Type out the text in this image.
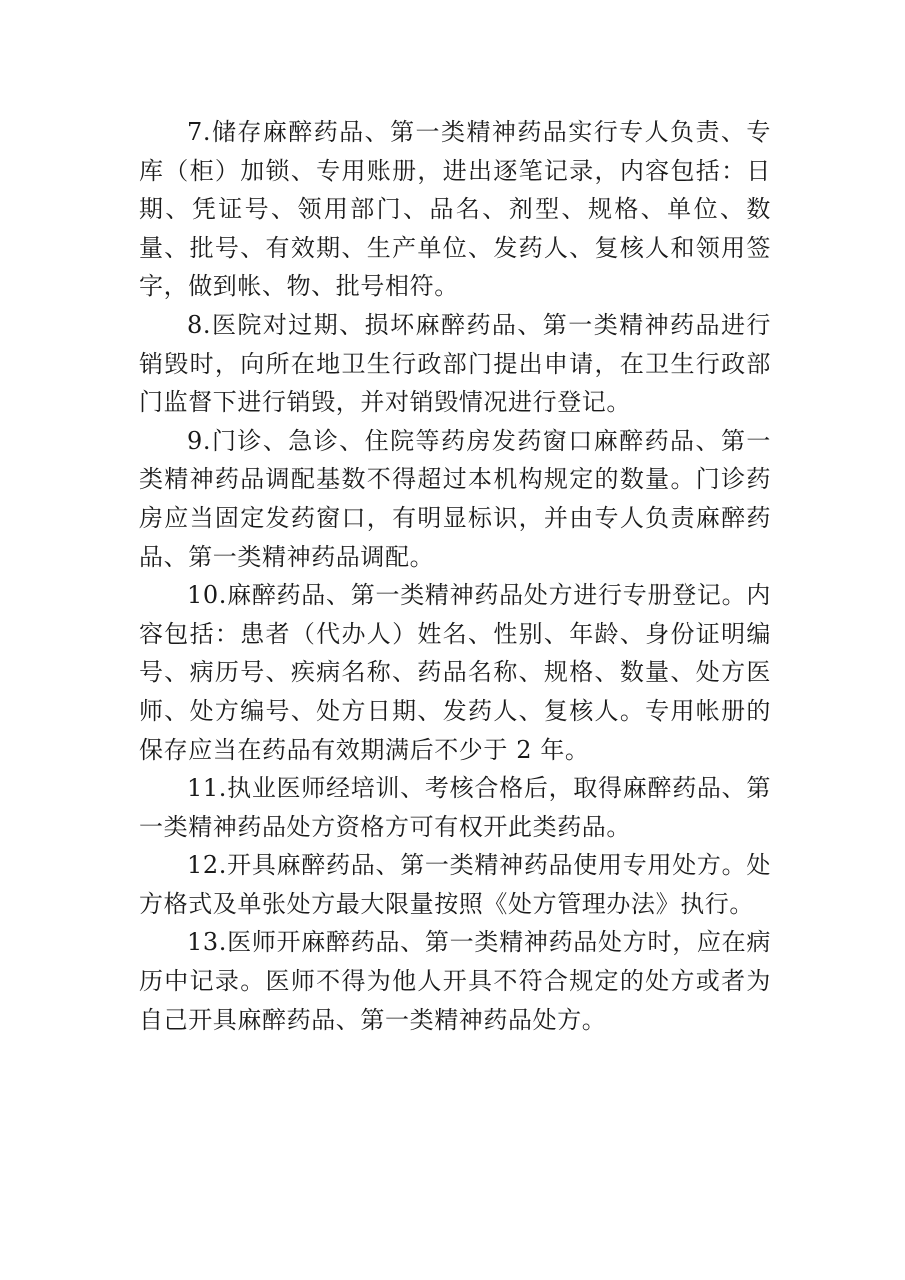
7.储存麻醉药品、第一类精神药品实行专人负责、专库（柜）加锁、专用账册，进出逐笔记录，内容包括：日期、凭证号、领用部门、品名、剂型、规格、单位、数量、批号、有效期、生产单位、发药人、复核人和领用签字，做到帐、物、批号相符。

8.医院对过期、损坏麻醉药品、第一类精神药品进行销毁时，向所在地卫生行政部门提出申请，在卫生行政部门监督下进行销毁，并对销毁情况进行登记。

9.门诊、急诊、住院等药房发药窗口麻醉药品、第一类精神药品调配基数不得超过本机构规定的数量。门诊药房应当固定发药窗口，有明显标识，并由专人负责麻醉药品、第一类精神药品调配。

10.麻醉药品、第一类精神药品处方进行专册登记。内容包括：患者（代办人）姓名、性别、年龄、身份证明编号、病历号、疾病名称、药品名称、规格、数量、处方医师、处方编号、处方日期、发药人、复核人。专用帐册的保存应当在药品有效期满后不少于 2 年。

11.执业医师经培训、考核合格后，取得麻醉药品、第一类精神药品处方资格方可有权开此类药品。

12.开具麻醉药品、第一类精神药品使用专用处方。处方格式及单张处方最大限量按照《处方管理办法》执行。

13.医师开麻醉药品、第一类精神药品处方时，应在病历中记录。医师不得为他人开具不符合规定的处方或者为自己开具麻醉药品、第一类精神药品处方。
